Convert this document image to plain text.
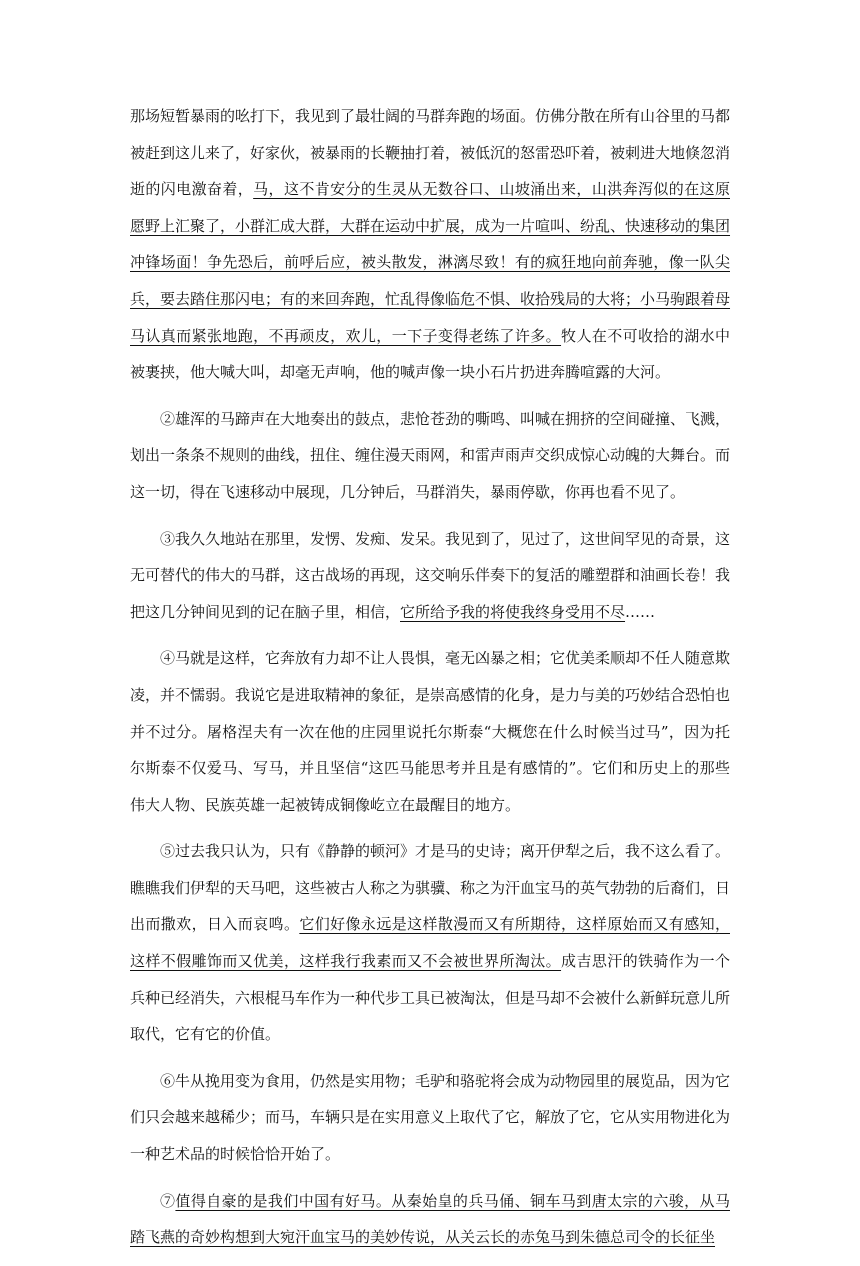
那场短暂暴雨的吆打下，我见到了最壮阔的马群奔跑的场面。仿佛分散在所有山谷里的马都被赶到这儿来了，好家伙，被暴雨的长鞭抽打着，被低沉的怒雷恐吓着，被刺进大地倏忽消逝的闪电激奋着，马，这不肯安分的生灵从无数谷口、山坡涌出来，山洪奔泻似的在这原愿野上汇聚了，小群汇成大群，大群在运动中扩展，成为一片喧叫、纷乱、快速移动的集团冲锋场面！争先恐后，前呼后应，被头散发，淋漓尽致！有的疯狂地向前奔驰，像一队尖兵，要去踏住那闪电；有的来回奔跑，忙乱得像临危不惧、收拾残局的大将；小马驹跟着母马认真而紧张地跑，不再顽皮，欢儿，一下子变得老练了许多。牧人在不可收拾的湖水中被裹挟，他大喊大叫，却毫无声响，他的喊声像一块小石片扔进奔腾喧露的大河。

②雄浑的马蹄声在大地奏出的鼓点，悲怆苍劲的嘶鸣、叫喊在拥挤的空间碰撞、飞溅，划出一条条不规则的曲线，扭住、缠住漫天雨网，和雷声雨声交织成惊心动魄的大舞台。而这一切，得在飞速移动中展现，几分钟后，马群消失，暴雨停歇，你再也看不见了。

③我久久地站在那里，发愣、发痴、发呆。我见到了，见过了，这世间罕见的奇景，这无可替代的伟大的马群，这古战场的再现，这交响乐伴奏下的复活的雕塑群和油画长卷！我把这几分钟间见到的记在脑子里，相信，它所给予我的将使我终身受用不尽……

④马就是这样，它奔放有力却不让人畏惧，毫无凶暴之相；它优美柔顺却不任人随意欺凌，并不懦弱。我说它是进取精神的象征，是崇高感情的化身，是力与美的巧妙结合恐怕也并不过分。屠格涅夫有一次在他的庄园里说托尔斯泰“大概您在什么时候当过马”，因为托尔斯泰不仅爱马、写马，并且坚信“这匹马能思考并且是有感情的”。它们和历史上的那些伟大人物、民族英雄一起被铸成铜像屹立在最醒目的地方。

⑤过去我只认为，只有《静静的顿河》才是马的史诗；离开伊犁之后，我不这么看了。瞧瞧我们伊犁的天马吧，这些被古人称之为骐骥、称之为汗血宝马的英气勃勃的后裔们，日出而撒欢，日入而哀鸣。它们好像永远是这样散漫而又有所期待，这样原始而又有感知，这样不假雕饰而又优美，这样我行我素而又不会被世界所淘汰。成吉思汗的铁骑作为一个兵种已经消失，六根棍马车作为一种代步工具已被淘汰，但是马却不会被什么新鲜玩意儿所取代，它有它的价值。

⑥牛从挽用变为食用，仍然是实用物；毛驴和骆驼将会成为动物园里的展览品，因为它们只会越来越稀少；而马，车辆只是在实用意义上取代了它，解放了它，它从实用物进化为一种艺术品的时候恰恰开始了。

⑦值得自豪的是我们中国有好马。从秦始皇的兵马俑、铜车马到唐太宗的六骏，从马踏飞燕的奇妙构想到大宛汗血宝马的美妙传说，从关云长的赤兔马到朱德总司令的长征坐
